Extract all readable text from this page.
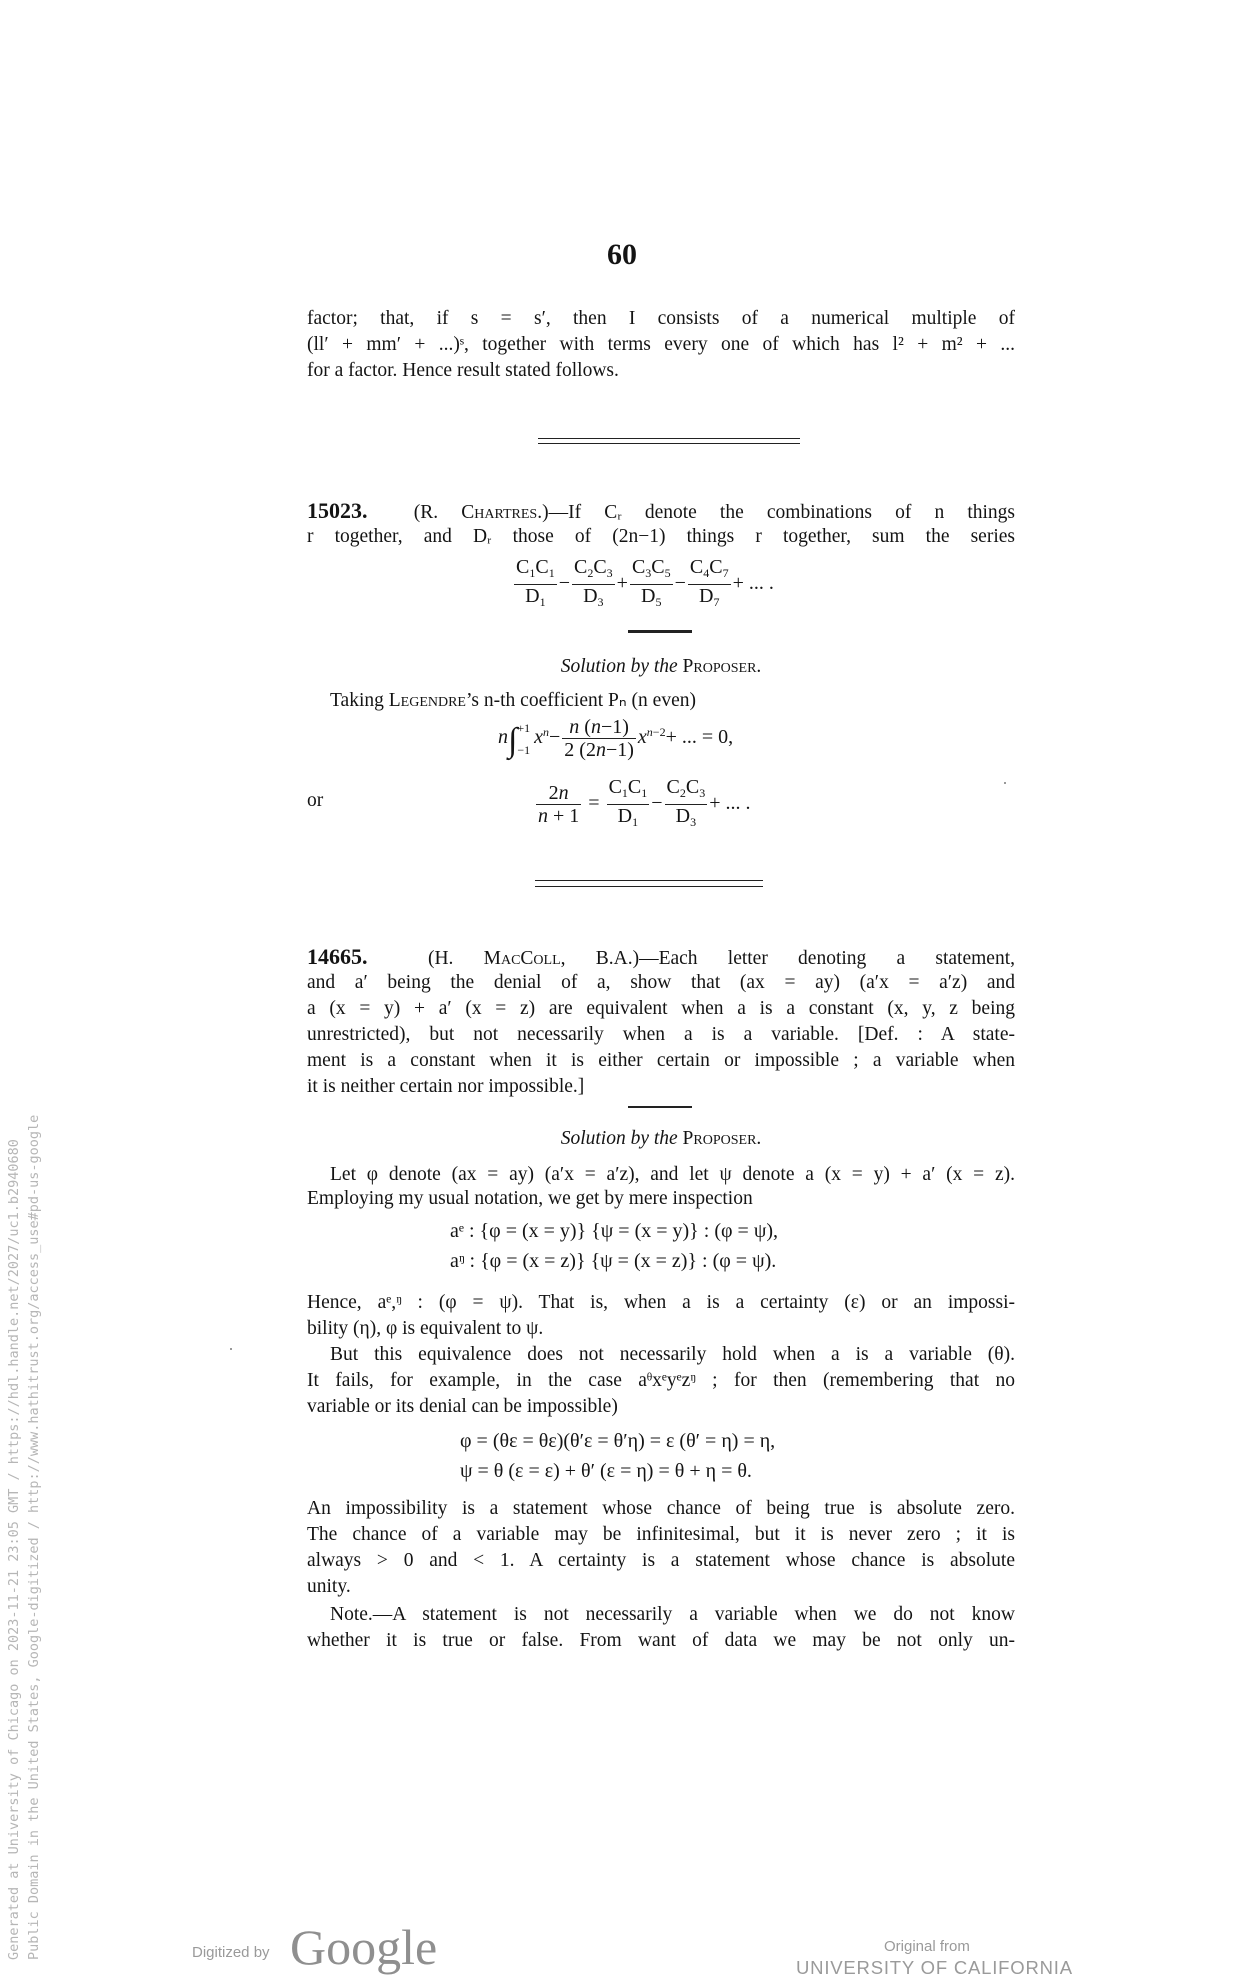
60
factor; that, if s = s′, then I consists of a numerical multiple of
(ll′ + mm′ + ...)ˢ, together with terms every one of which has l² + m² + ...
for a factor. Hence result stated follows.
15023. (R. Chartres.)—If Cᵣ denote the combinations of n things
r together, and Dᵣ those of (2n−1) things r together, sum the series
$\frac{C_1C_1}{D_1} - \frac{C_2C_3}{D_3} + \frac{C_3C_5}{D_5} - \frac{C_4C_7}{D_7}$ + ... .
Solution by the Proposer.
Taking Legendre’s n-th coefficient Pₙ (n even)
n∫+1
$-1x^n- \frac{n (n-1)}{2 (2n-1)} x^{n-2}+$ ... = 0,
or	$\frac{2n}{n + 1} = \frac{C_1C_1}{D_1} - \frac{C_2C_3}{D_3}$ + ... .
14665.	(H. MacColl, B.A.)—Each letter denoting a statement,
and a′ being the denial of a, show that (ax = ay) (a′x = a′z) and
a (x = y) + a′ (x = z) are equivalent when a is a constant (x, y, z being
unrestricted), but not necessarily when a is a variable. [Def. : A state-
ment is a constant when it is either certain or impossible ; a variable when
it is neither certain nor impossible.]
Solution by the Proposer.
Let φ denote (ax = ay) (a′x = a′z), and let ψ denote a (x = y) + a′ (x = z).
Employing my usual notation, we get by mere inspection
aᵉ : {φ = (x = y)} {ψ = (x = y)} : (φ = ψ),
aᵑ : {φ = (x = z)} {ψ = (x = z)} : (φ = ψ).
Hence, aᵉ,ᵑ : (φ = ψ). That is, when a is a certainty (ε) or an impossi-
bility (η), φ is equivalent to ψ.
But this equivalence does not necessarily hold when a is a variable (θ).
It fails, for example, in the case aᶿxᵉyᵉzᵑ ; for then (remembering that no
variable or its denial can be impossible)
φ = (θε = θε)(θ′ε = θ′η) = ε (θ′ = η) = η,
ψ = θ (ε = ε) + θ′ (ε = η) = θ + η = θ.
An impossibility is a statement whose chance of being true is absolute zero.
The chance of a variable may be infinitesimal, but it is never zero ; it is
always > 0 and < 1. A certainty is a statement whose chance is absolute
unity.
Note.—A statement is not necessarily a variable when we do not know
whether it is true or false. From want of data we may be not only un-
Generated at University of Chicago on 2023-11-21 23:05 GMT / https://hdl.handle.net/2027/uc1.b2940680 Public Domain in the United States, Google-digitized / http://www.hathitrust.org/access_use#pd-us-google	Digitized by Google	Original from
UNIVERSITY OF CALIFORNIA
